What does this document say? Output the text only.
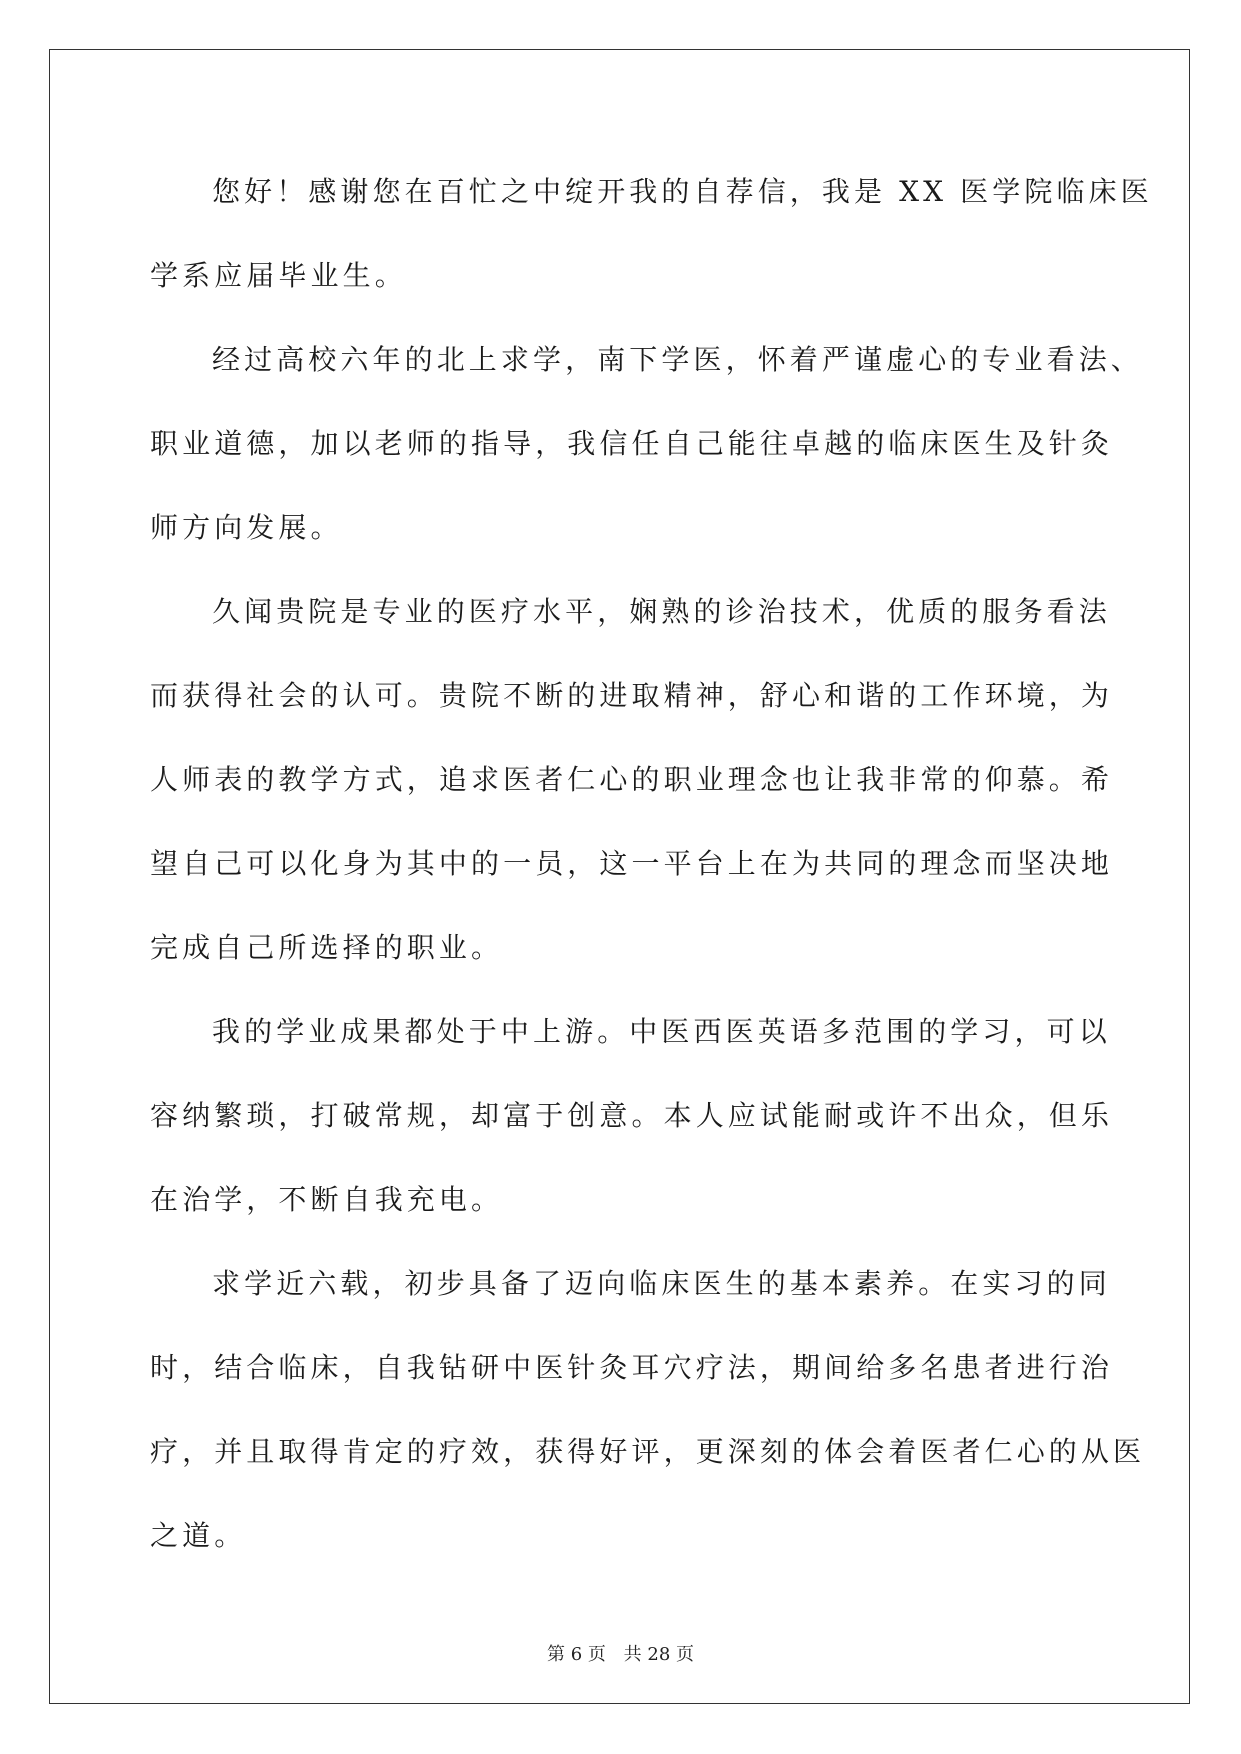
您好！感谢您在百忙之中绽开我的自荐信，我是 XX 医学院临床医
学系应届毕业生。
经过高校六年的北上求学，南下学医，怀着严谨虚心的专业看法、
职业道德，加以老师的指导，我信任自己能往卓越的临床医生及针灸
师方向发展。
久闻贵院是专业的医疗水平，娴熟的诊治技术，优质的服务看法
而获得社会的认可。贵院不断的进取精神，舒心和谐的工作环境，为
人师表的教学方式，追求医者仁心的职业理念也让我非常的仰慕。希
望自己可以化身为其中的一员，这一平台上在为共同的理念而坚决地
完成自己所选择的职业。
我的学业成果都处于中上游。中医西医英语多范围的学习，可以
容纳繁琐，打破常规，却富于创意。本人应试能耐或许不出众，但乐
在治学，不断自我充电。
求学近六载，初步具备了迈向临床医生的基本素养。在实习的同
时，结合临床，自我钻研中医针灸耳穴疗法，期间给多名患者进行治
疗，并且取得肯定的疗效，获得好评，更深刻的体会着医者仁心的从医
之道。
第 6 页 共 28 页
